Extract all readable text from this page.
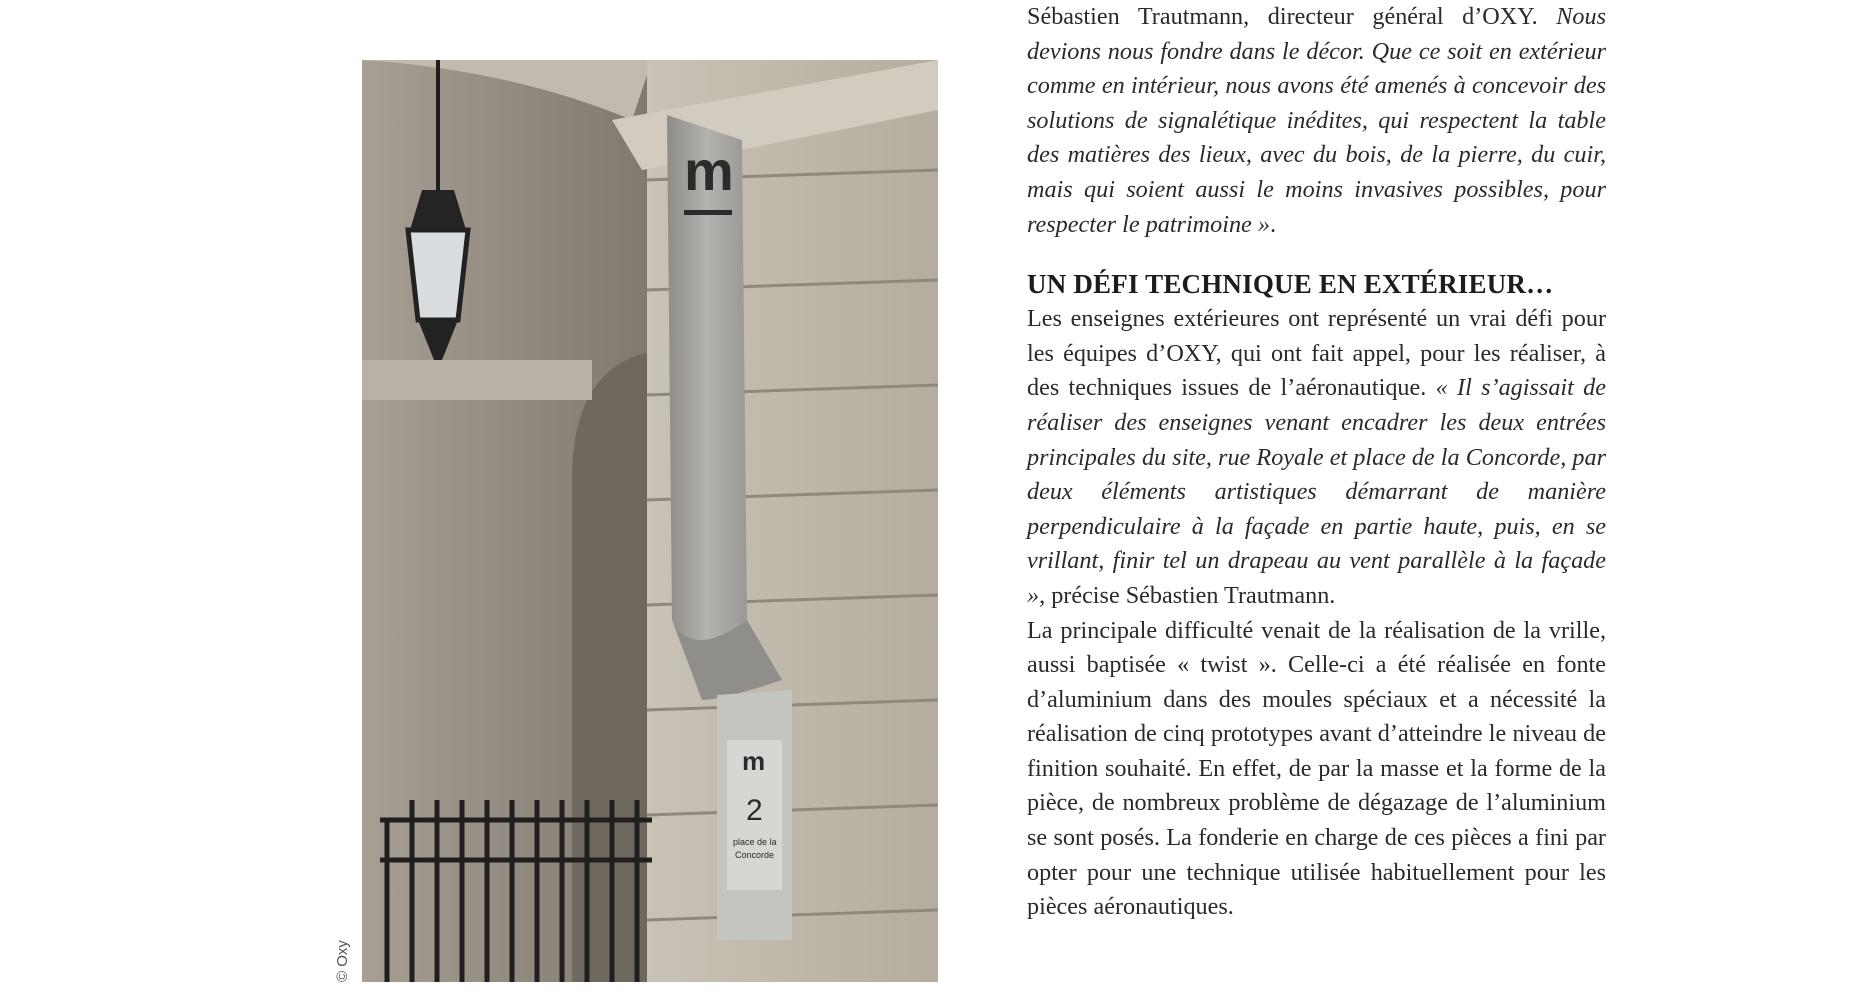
m
m
2
place de la
Concorde
© Oxy

Sébastien Trautmann, directeur général d’OXY. Nous devions nous fondre dans le décor. Que ce soit en extérieur comme en intérieur, nous avons été amenés à concevoir des solutions de signalétique inédites, qui respectent la table des matières des lieux, avec du bois, de la pierre, du cuir, mais qui soient aussi le moins invasives possibles, pour respecter le patrimoine ».

UN DÉFI TECHNIQUE EN EXTÉRIEUR…

Les enseignes extérieures ont représenté un vrai défi pour les équipes d’OXY, qui ont fait appel, pour les réaliser, à des techniques issues de l’aéronautique. « Il s’agissait de réaliser des enseignes venant encadrer les deux entrées principales du site, rue Royale et place de la Concorde, par deux éléments artistiques démarrant de manière perpendiculaire à la façade en partie haute, puis, en se vrillant, finir tel un drapeau au vent parallèle à la façade », précise Sébastien Trautmann.

La principale difficulté venait de la réalisation de la vrille, aussi baptisée « twist ». Celle-ci a été réalisée en fonte d’aluminium dans des moules spéciaux et a nécessité la réalisation de cinq prototypes avant d’atteindre le niveau de finition souhaité. En effet, de par la masse et la forme de la pièce, de nombreux problème de dégazage de l’aluminium se sont posés. La fonderie en charge de ces pièces a fini par opter pour une technique utilisée habituellement pour les pièces aéronautiques.
